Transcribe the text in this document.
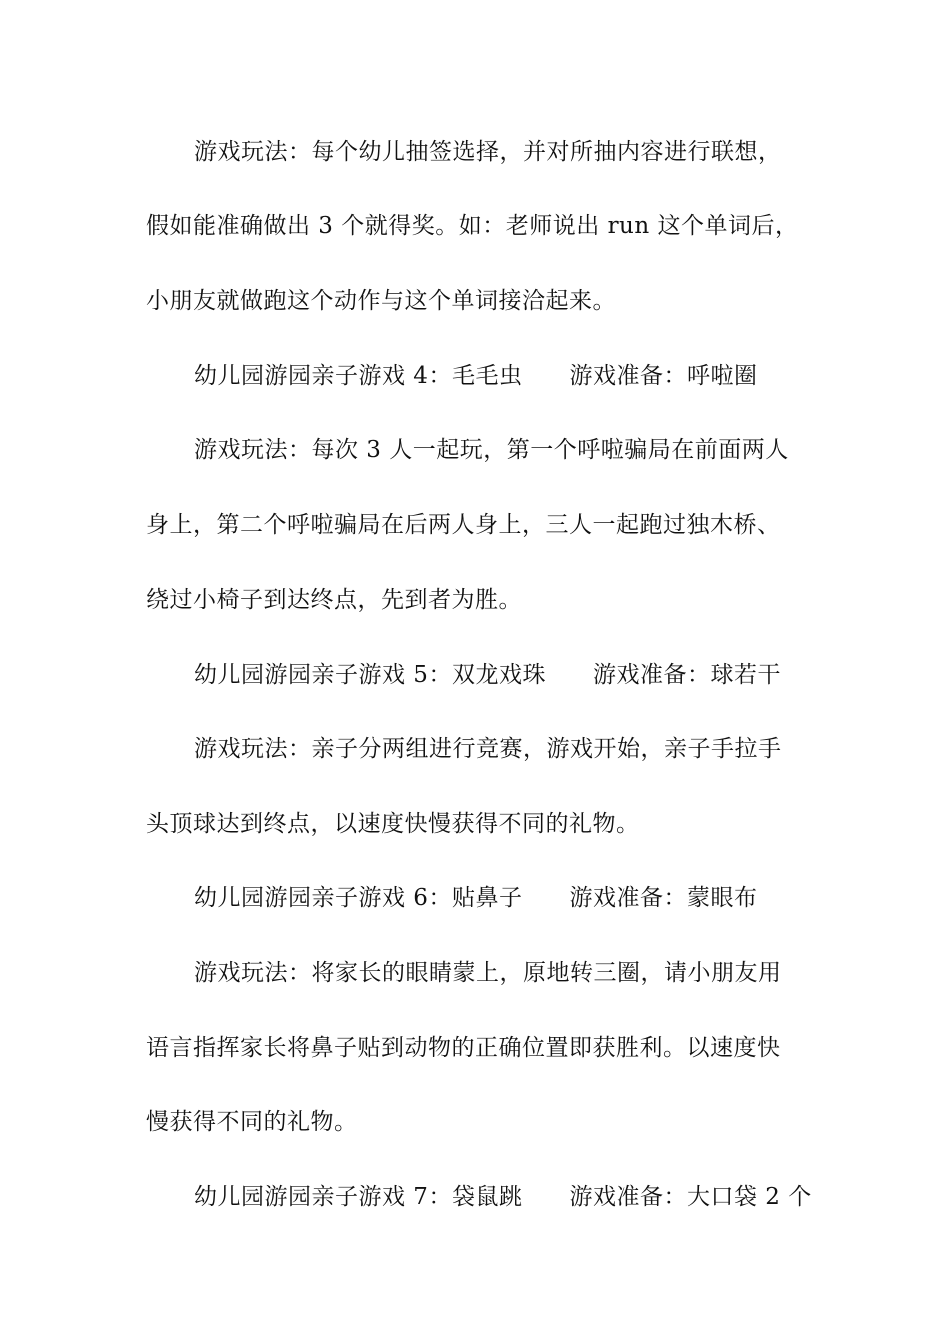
游戏玩法：每个幼儿抽签选择，并对所抽内容进行联想，
假如能准确做出 3 个就得奖。如：老师说出 run 这个单词后，
小朋友就做跑这个动作与这个单词接洽起来。
幼儿园游园亲子游戏 4：毛毛虫　　游戏准备：呼啦圈
游戏玩法：每次 3 人一起玩，第一个呼啦骗局在前面两人
身上，第二个呼啦骗局在后两人身上，三人一起跑过独木桥、
绕过小椅子到达终点，先到者为胜。
幼儿园游园亲子游戏 5：双龙戏珠　　游戏准备：球若干
游戏玩法：亲子分两组进行竞赛，游戏开始，亲子手拉手
头顶球达到终点，以速度快慢获得不同的礼物。
幼儿园游园亲子游戏 6：贴鼻子　　游戏准备：蒙眼布
游戏玩法：将家长的眼睛蒙上，原地转三圈，请小朋友用
语言指挥家长将鼻子贴到动物的正确位置即获胜利。以速度快
慢获得不同的礼物。
幼儿园游园亲子游戏 7：袋鼠跳　　游戏准备：大口袋 2 个
